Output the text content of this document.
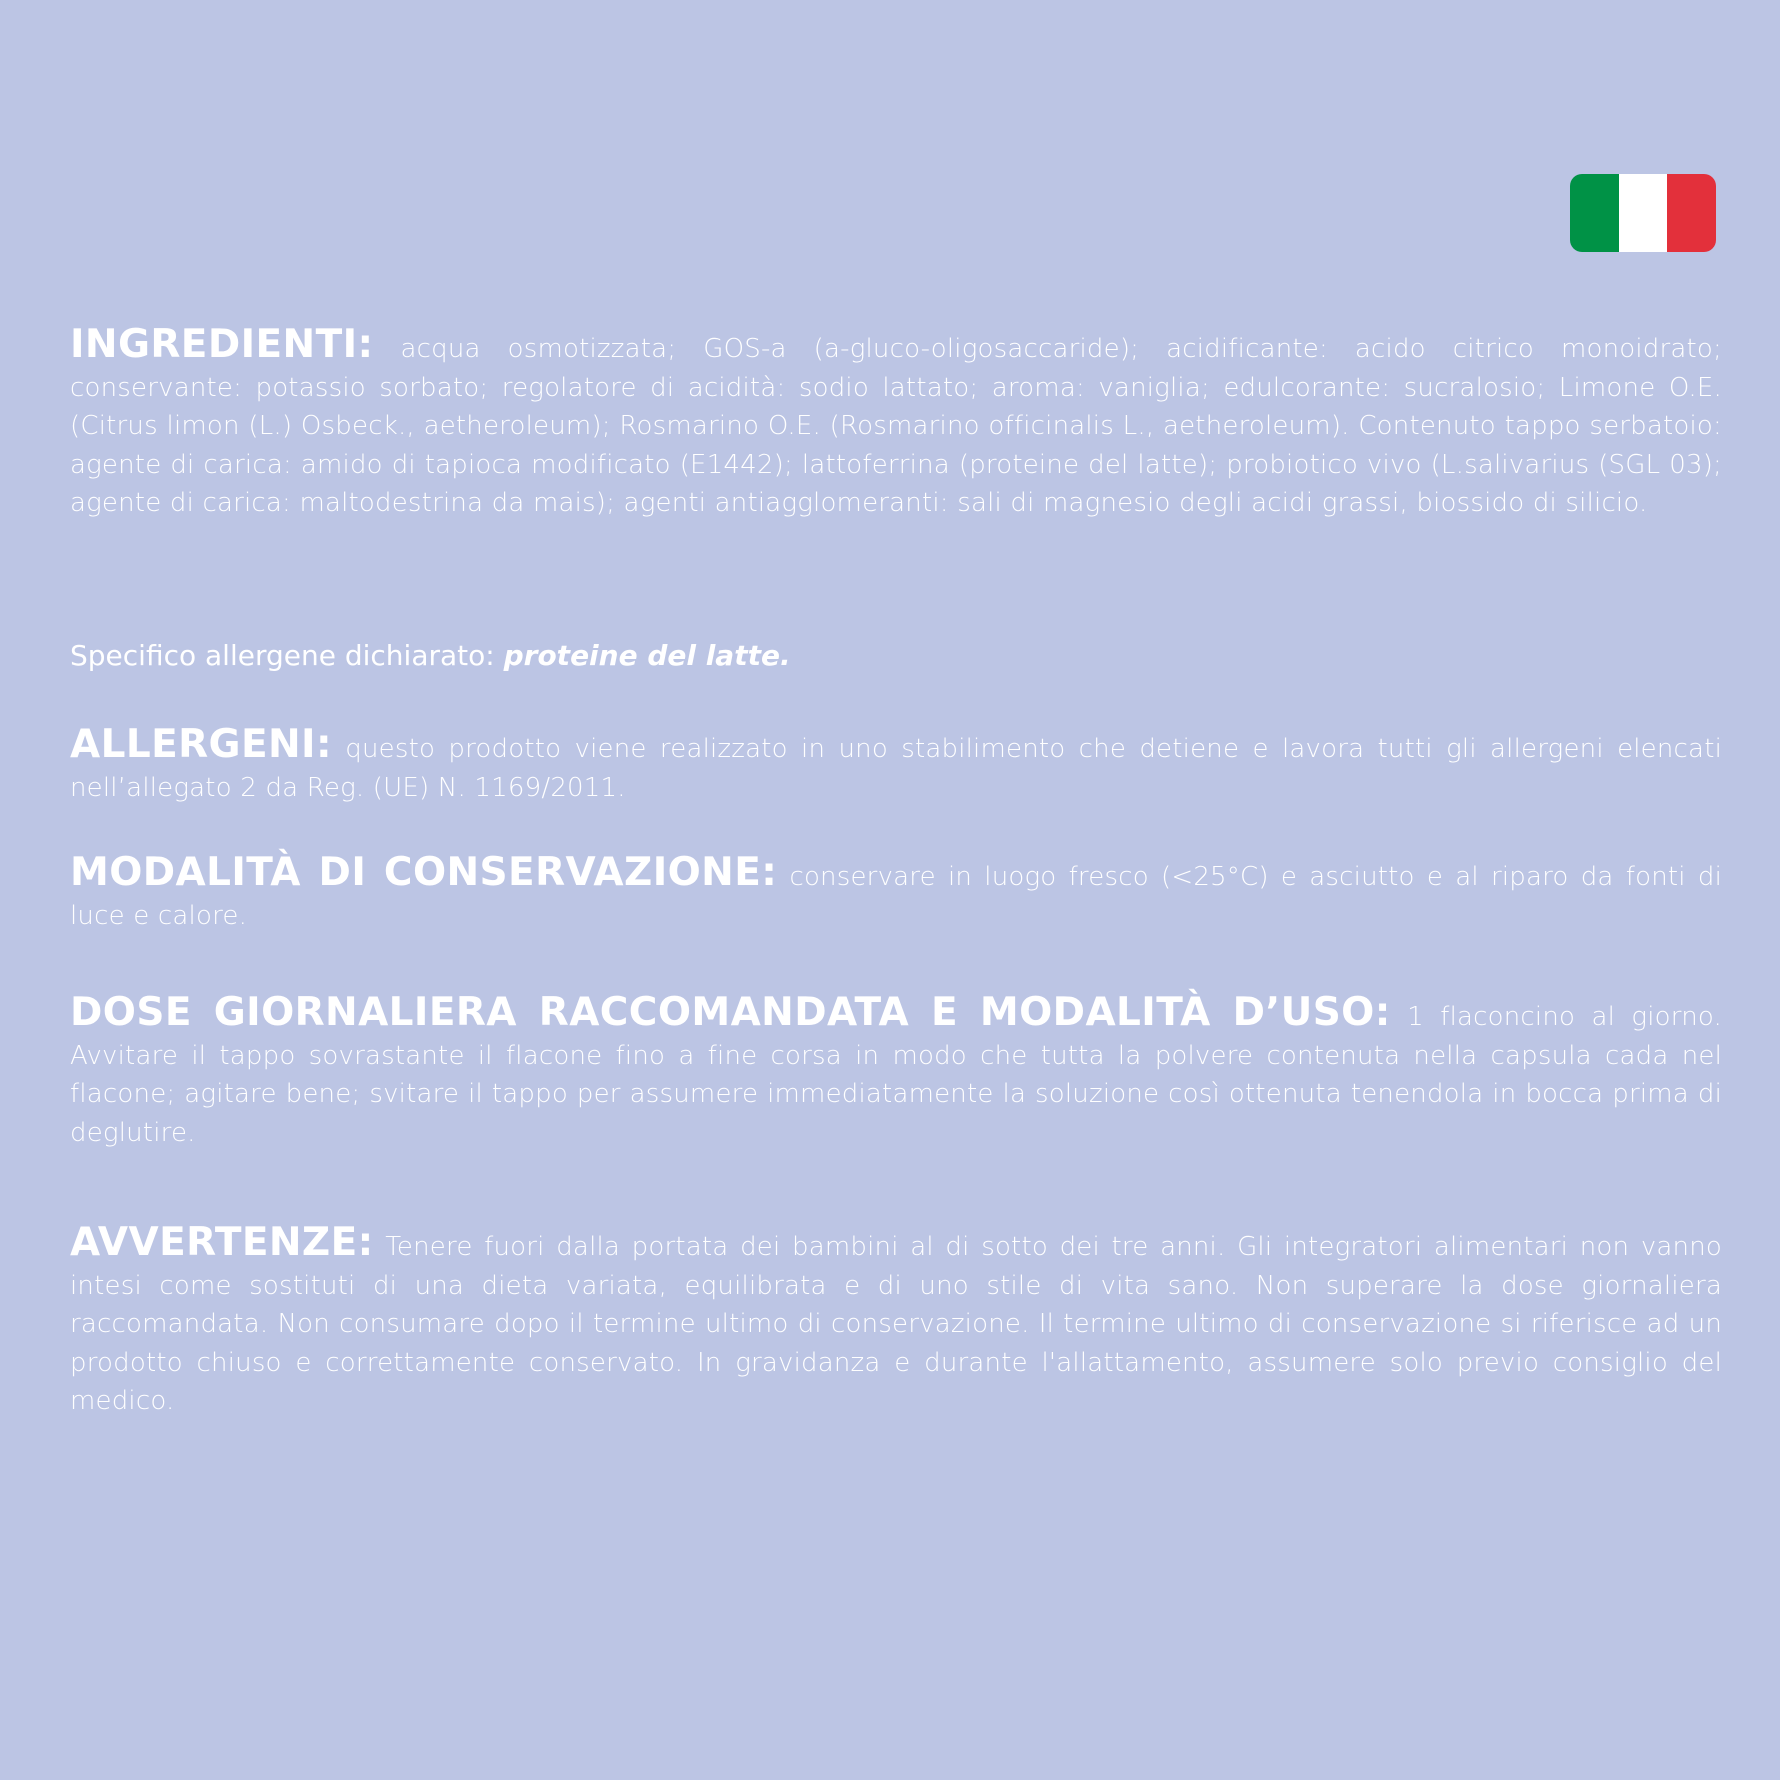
INGREDIENTI: acqua osmotizzata; GOS-a (a-gluco-oligosaccaride); acidificante: acido citrico monoidrato; conservante: potassio sorbato; regolatore di acidità: sodio lattato; aroma: vaniglia; edulcorante: sucralosio; Limone O.E. (Citrus limon (L.) Osbeck., aetheroleum); Rosmarino O.E. (Rosmarino officinalis L., aetheroleum). Contenuto tappo serbatoio: agente di carica: amido di tapioca modificato (E1442); lattoferrina (proteine del latte); probiotico vivo (L.salivarius (SGL 03); agente di carica: maltodestrina da mais); agenti antiagglomeranti: sali di magnesio degli acidi grassi, biossido di silicio.
Specifico allergene dichiarato: proteine del latte.
ALLERGENI: questo prodotto viene realizzato in uno stabilimento che detiene e lavora tutti gli allergeni elencati nell’allegato 2 da Reg. (UE) N. 1169/2011.
MODALITÀ DI CONSERVAZIONE: conservare in luogo fresco (<25°C) e asciutto e al riparo da fonti di luce e calore.
DOSE GIORNALIERA RACCOMANDATA E MODALITÀ D’USO: 1 flaconcino al giorno. Avvitare il tappo sovrastante il flacone fino a fine corsa in modo che tutta la polvere contenuta nella capsula cada nel flacone; agitare bene; svitare il tappo per assumere immediatamente la soluzione così ottenuta tenendola in bocca prima di deglutire.
AVVERTENZE: Tenere fuori dalla portata dei bambini al di sotto dei tre anni. Gli integratori alimentari non vanno intesi come sostituti di una dieta variata, equilibrata e di uno stile di vita sano. Non superare la dose giornaliera raccomandata. Non consumare dopo il termine ultimo di conservazione. Il termine ultimo di conservazione si riferisce ad un prodotto chiuso e correttamente conservato. In gravidanza e durante l'allattamento, assumere solo previo consiglio del medico.
